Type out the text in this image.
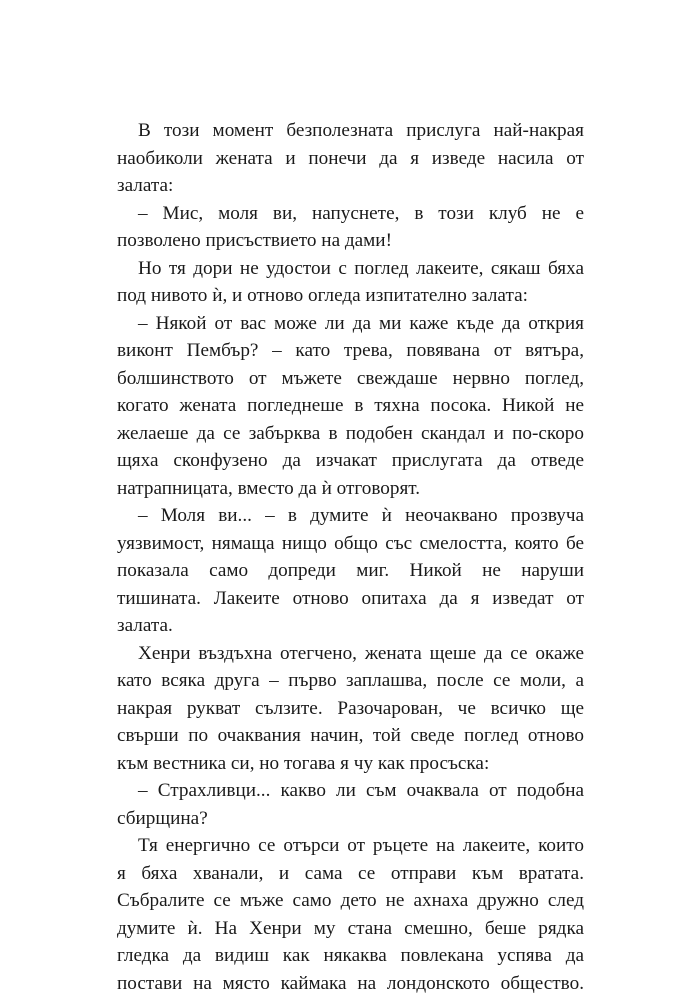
В този момент безполезната прислуга най-накрая
наобиколи жената и понечи да я изведе насила от
залата:
– Мис, моля ви, напуснете, в този клуб не е
позволено присъствието на дами!
Но тя дори не удостои с поглед лакеите, сякаш бяха
под нивото ѝ, и отново огледа изпитателно залата:
– Някой от вас може ли да ми каже къде да открия
виконт Пембър? – като трева, повявана от вятъра,
болшинството от мъжете свеждаше нервно поглед,
когато жената погледнеше в тяхна посока. Никой не
желаеше да се забърква в подобен скандал и по-скоро
щяха сконфузено да изчакат прислугата да отведе
натрапницата, вместо да ѝ отговорят.
– Моля ви... – в думите ѝ неочаквано прозвуча
уязвимост, нямаща нищо общо със смелостта, която бе
показала само допреди миг. Никой не наруши
тишината. Лакеите отново опитаха да я изведат от
залата.
Хенри въздъхна отегчено, жената щеше да се окаже
като всяка друга – първо заплашва, после се моли, а
накрая рукват сълзите. Разочарован, че всичко ще
свърши по очаквания начин, той сведе поглед отново
към вестника си, но тогава я чу как просъска:
– Страхливци... какво ли съм очаквала от подобна
сбирщина?
Тя енергично се отърси от ръцете на лакеите, които
я бяха хванали, и сама се отправи към вратата.
Събралите се мъже само дето не ахнаха дружно след
думите ѝ. На Хенри му стана смешно, беше рядка
гледка да видиш как някаква повлекана успява да
постави на място каймака на лондонското общество.
